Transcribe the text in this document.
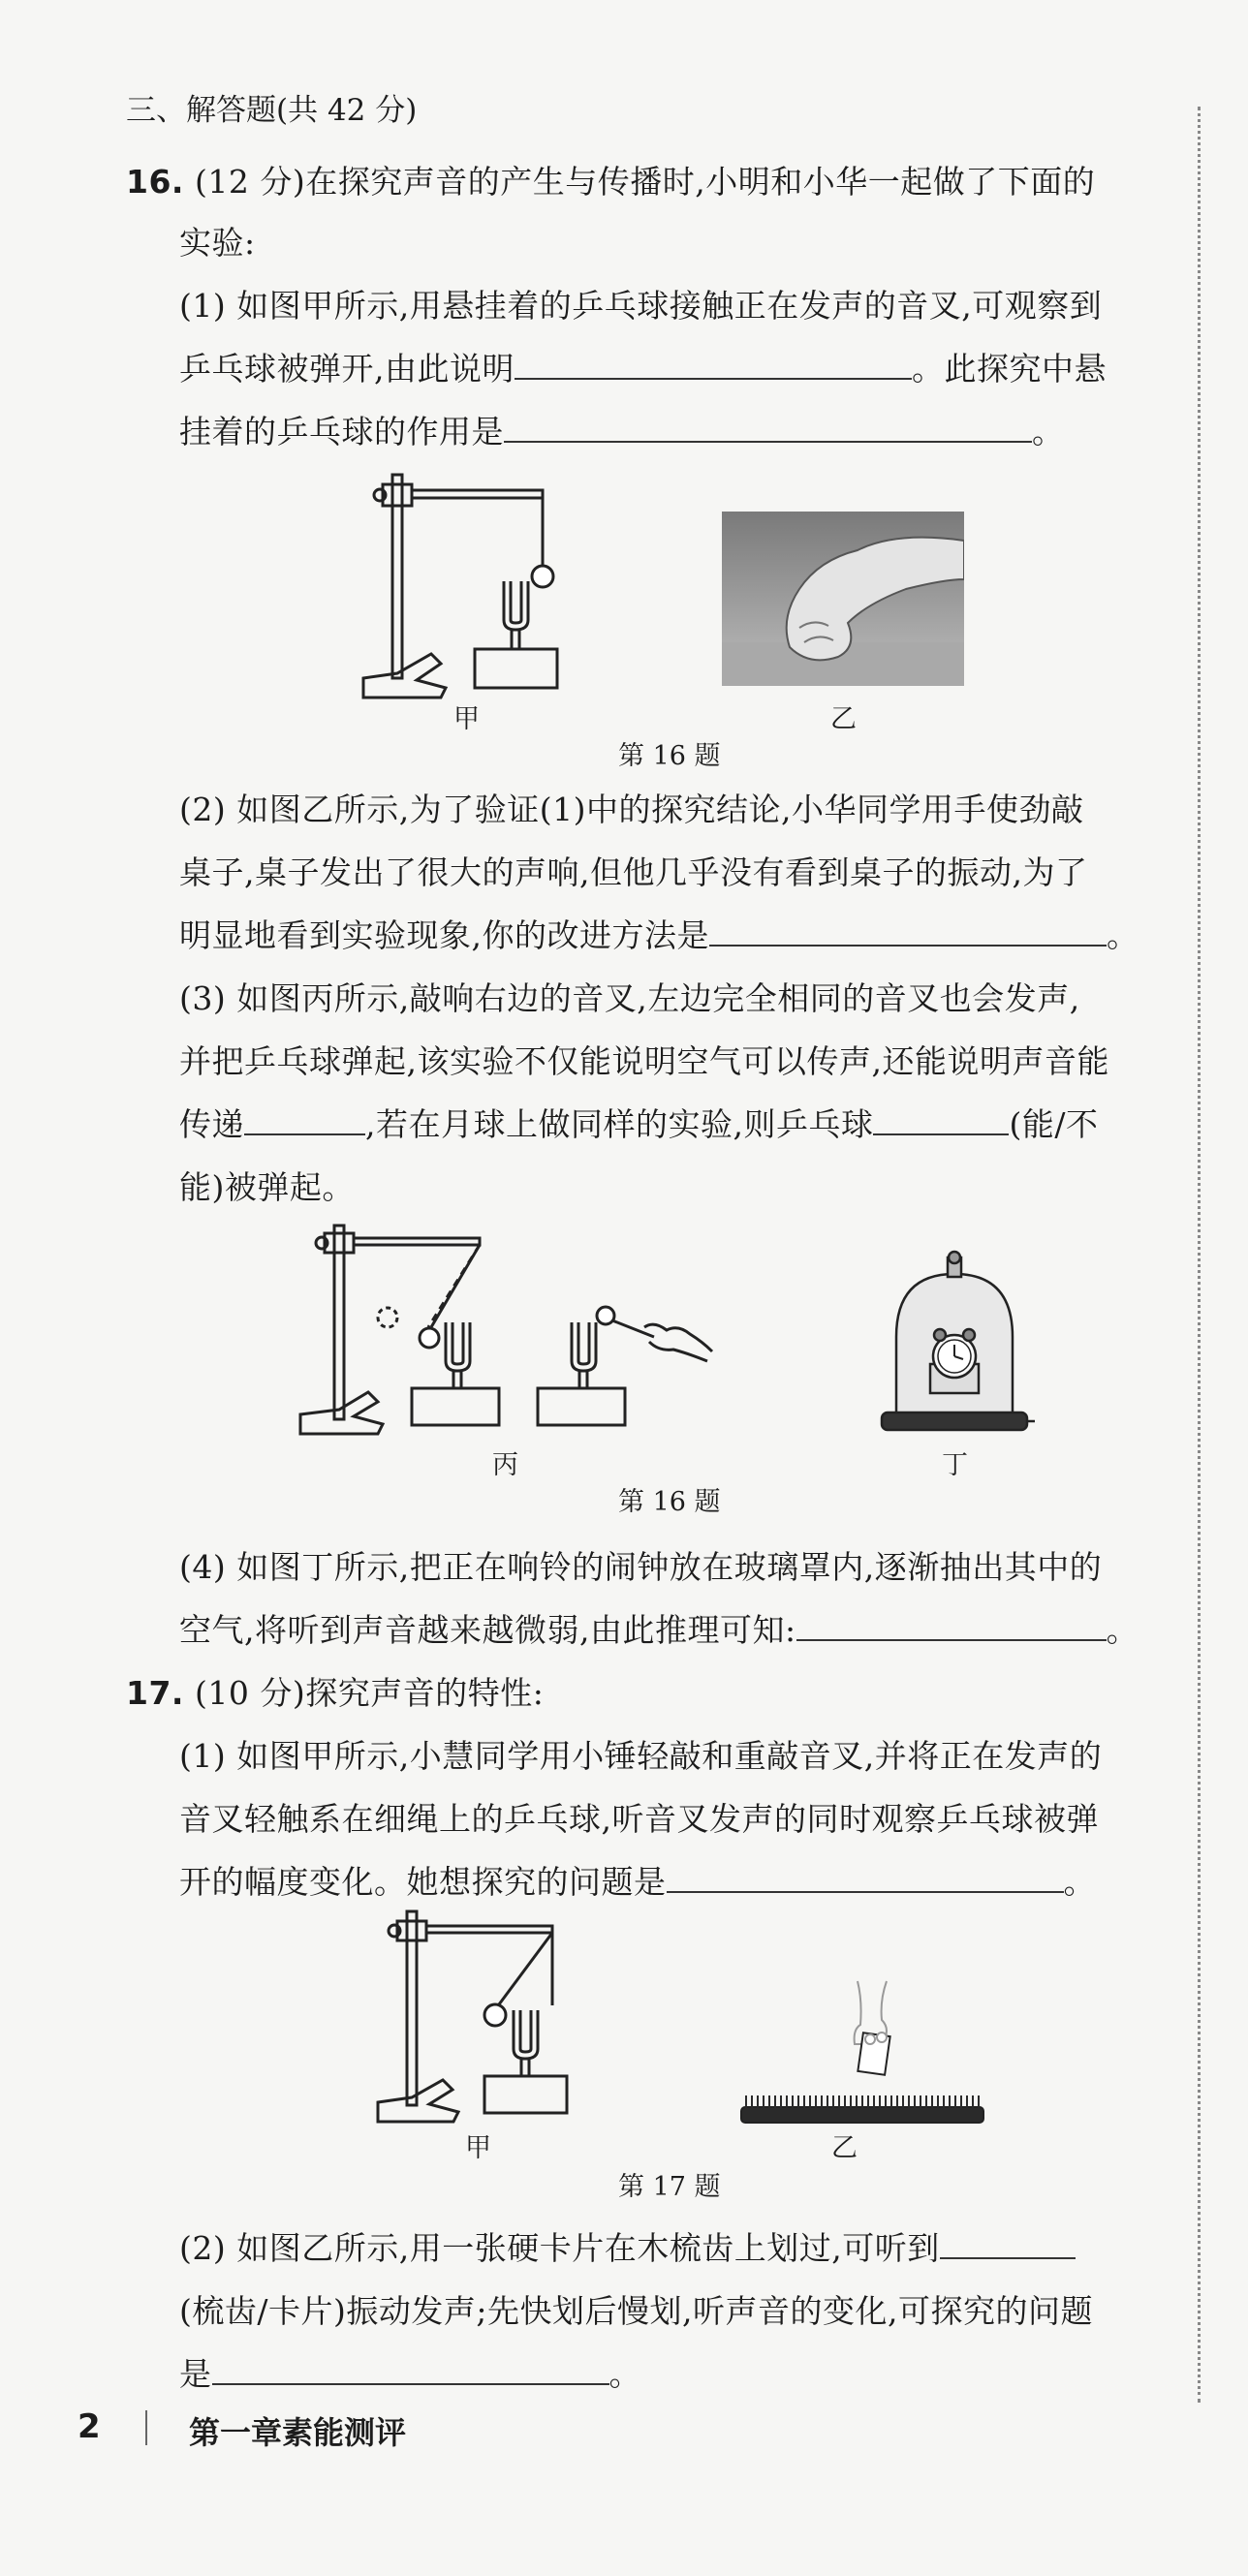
三、解答题(共 42 分)
16. (12 分)在探究声音的产生与传播时,小明和小华一起做了下面的
实验:
(1) 如图甲所示,用悬挂着的乒乓球接触正在发声的音叉,可观察到
乒乓球被弹开,由此说明	。此探究中悬
挂着的乒乓球的作用是	。
甲	乙
第 16 题
(2) 如图乙所示,为了验证(1)中的探究结论,小华同学用手使劲敲
桌子,桌子发出了很大的声响,但他几乎没有看到桌子的振动,为了
明显地看到实验现象,你的改进方法是	。
(3) 如图丙所示,敲响右边的音叉,左边完全相同的音叉也会发声,
并把乒乓球弹起,该实验不仅能说明空气可以传声,还能说明声音能
传递	,若在月球上做同样的实验,则乒乓球	(能/不
能)被弹起。
丙	丁
第 16 题
(4) 如图丁所示,把正在响铃的闹钟放在玻璃罩内,逐渐抽出其中的
空气,将听到声音越来越微弱,由此推理可知:	。
17. (10 分)探究声音的特性:
(1) 如图甲所示,小慧同学用小锤轻敲和重敲音叉,并将正在发声的
音叉轻触系在细绳上的乒乓球,听音叉发声的同时观察乒乓球被弹
开的幅度变化。她想探究的问题是	。
甲	乙
第 17 题
(2) 如图乙所示,用一张硬卡片在木梳齿上划过,可听到
(梳齿/卡片)振动发声;先快划后慢划,听声音的变化,可探究的问题
是	。
2	第一章素能测评
